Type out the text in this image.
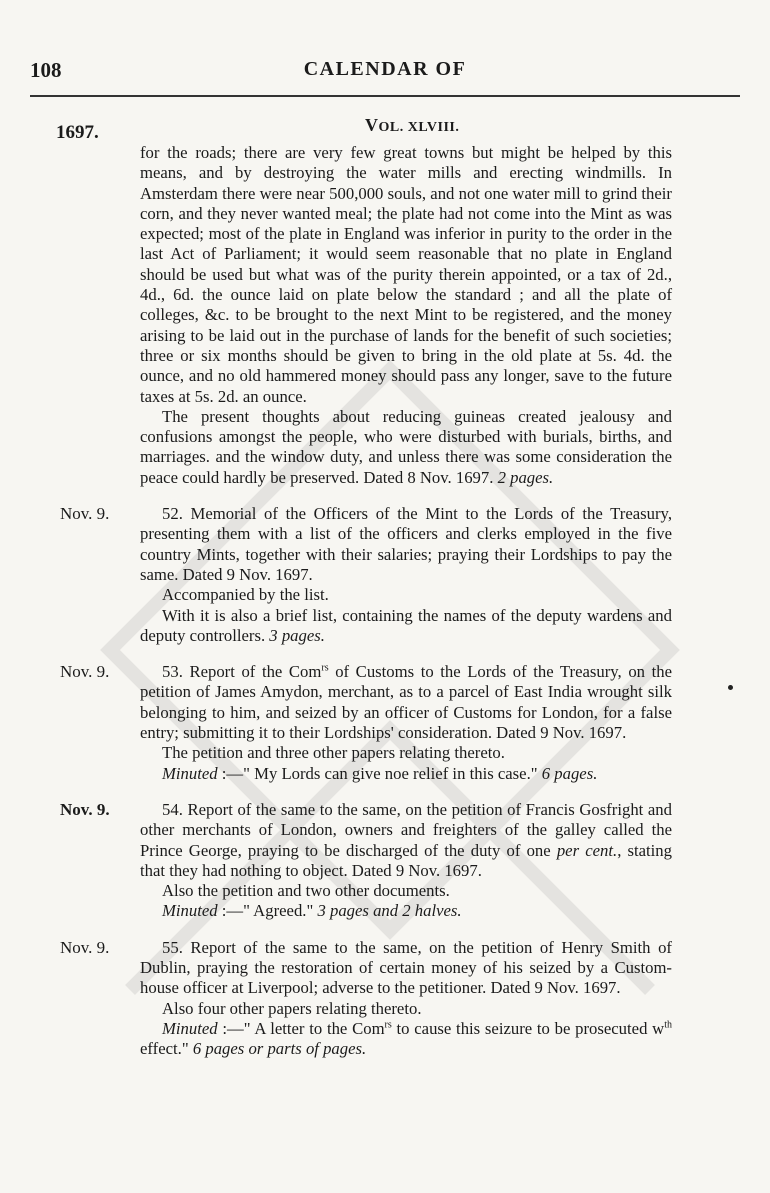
108	CALENDAR OF
1697.	VOL. XLVIII.

for the roads; there are very few great towns but might be helped by this means, and by destroying the water mills and erecting windmills. In Amsterdam there were near 500,000 souls, and not one water mill to grind their corn, and they never wanted meal; the plate had not come into the Mint as was expected; most of the plate in England was inferior in purity to the order in the last Act of Parliament; it would seem reasonable that no plate in England should be used but what was of the purity therein appointed, or a tax of 2d., 4d., 6d. the ounce laid on plate below the standard ; and all the plate of colleges, &c. to be brought to the next Mint to be registered, and the money arising to be laid out in the purchase of lands for the benefit of such societies; three or six months should be given to bring in the old plate at 5s. 4d. the ounce, and no old hammered money should pass any longer, save to the future taxes at 5s. 2d. an ounce.

The present thoughts about reducing guineas created jealousy and confusions amongst the people, who were disturbed with burials, births, and marriages. and the window duty, and unless there was some consideration the peace could hardly be preserved. Dated 8 Nov. 1697. 2 pages.

Nov. 9.	52. Memorial of the Officers of the Mint to the Lords of the Treasury, presenting them with a list of the officers and clerks employed in the five country Mints, together with their salaries; praying their Lordships to pay the same. Dated 9 Nov. 1697.

Accompanied by the list.

With it is also a brief list, containing the names of the deputy wardens and deputy controllers. 3 pages.

Nov. 9.	53. Report of the Com$^{rs}$ of Customs to the Lords of the Treasury, on the petition of James Amydon, merchant, as to a parcel of East India wrought silk belonging to him, and seized by an officer of Customs for London, for a false entry; submitting it to their Lordships' consideration. Dated 9 Nov. 1697.

The petition and three other papers relating thereto.

Minuted :—" My Lords can give noe relief in this case." 6 pages.

Nov. 9.	54. Report of the same to the same, on the petition of Francis Gosfright and other merchants of London, owners and freighters of the galley called the Prince George, praying to be discharged of the duty of one per cent., stating that they had nothing to object. Dated 9 Nov. 1697.

Also the petition and two other documents.

Minuted :—" Agreed." 3 pages and 2 halves.

Nov. 9.	55. Report of the same to the same, on the petition of Henry Smith of Dublin, praying the restoration of certain money of his seized by a Custom-house officer at Liverpool; adverse to the petitioner. Dated 9 Nov. 1697.

Also four other papers relating thereto.

Minuted :—" A letter to the Com$^{rs}$ to cause this seizure to be prosecuted $w^{th}$ effect." 6 pages or parts of pages.
